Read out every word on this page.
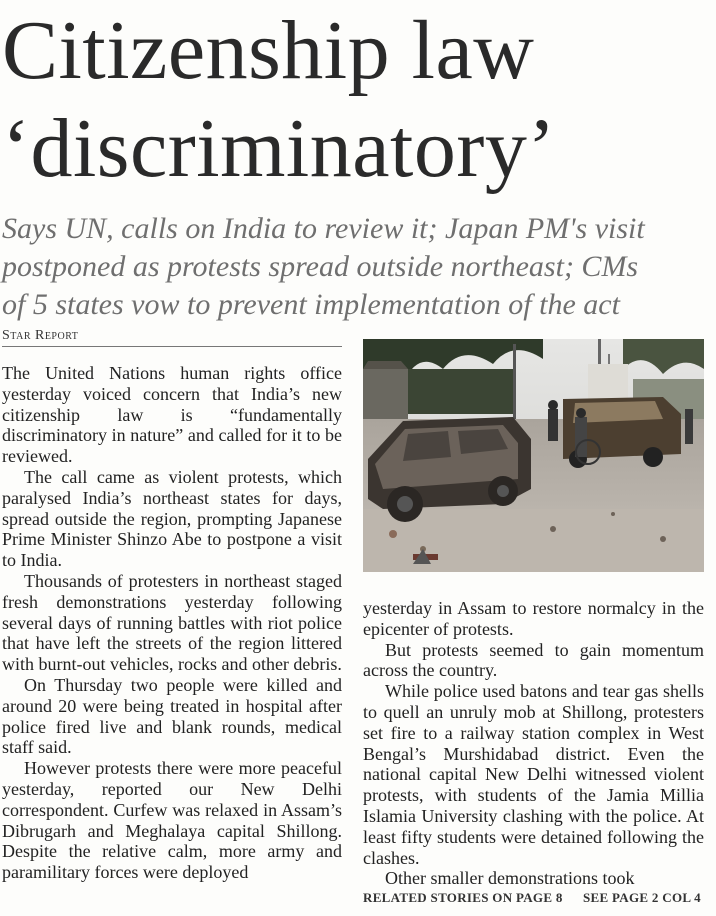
Citizenship law
‘discriminatory’
Says UN, calls on India to review it; Japan PM's visit
postponed as protests spread outside northeast; CMs
of 5 states vow to prevent implementation of the act
Star Report

The United Nations human rights office yesterday voiced concern that India’s new citizenship law is “fundamentally discriminatory in nature” and called for it to be reviewed.

The call came as violent protests, which paralysed India’s northeast states for days, spread outside the region, prompting Japanese Prime Minister Shinzo Abe to postpone a visit to India.

Thousands of protesters in northeast staged fresh demonstrations yesterday following several days of running battles with riot police that have left the streets of the region littered with burnt-out vehicles, rocks and other debris.

On Thursday two people were killed and around 20 were being treated in hospital after police fired live and blank rounds, medical staff said.

However protests there were more peaceful yesterday, reported our New Delhi correspondent. Curfew was relaxed in Assam’s Dibrugarh and Meghalaya capital Shillong. Despite the relative calm, more army and paramilitary forces were deployed

yesterday in Assam to restore normalcy in the epicenter of protests.

But protests seemed to gain momentum across the country.

While police used batons and tear gas shells to quell an unruly mob at Shillong, protesters set fire to a railway station complex in West Bengal’s Murshidabad district. Even the national capital New Delhi witnessed violent protests, with students of the Jamia Millia Islamia University clashing with the police. At least fifty students were detained following the clashes.

Other smaller demonstrations took

RELATED STORIES ON PAGE 8 SEE PAGE 2 COL 4
